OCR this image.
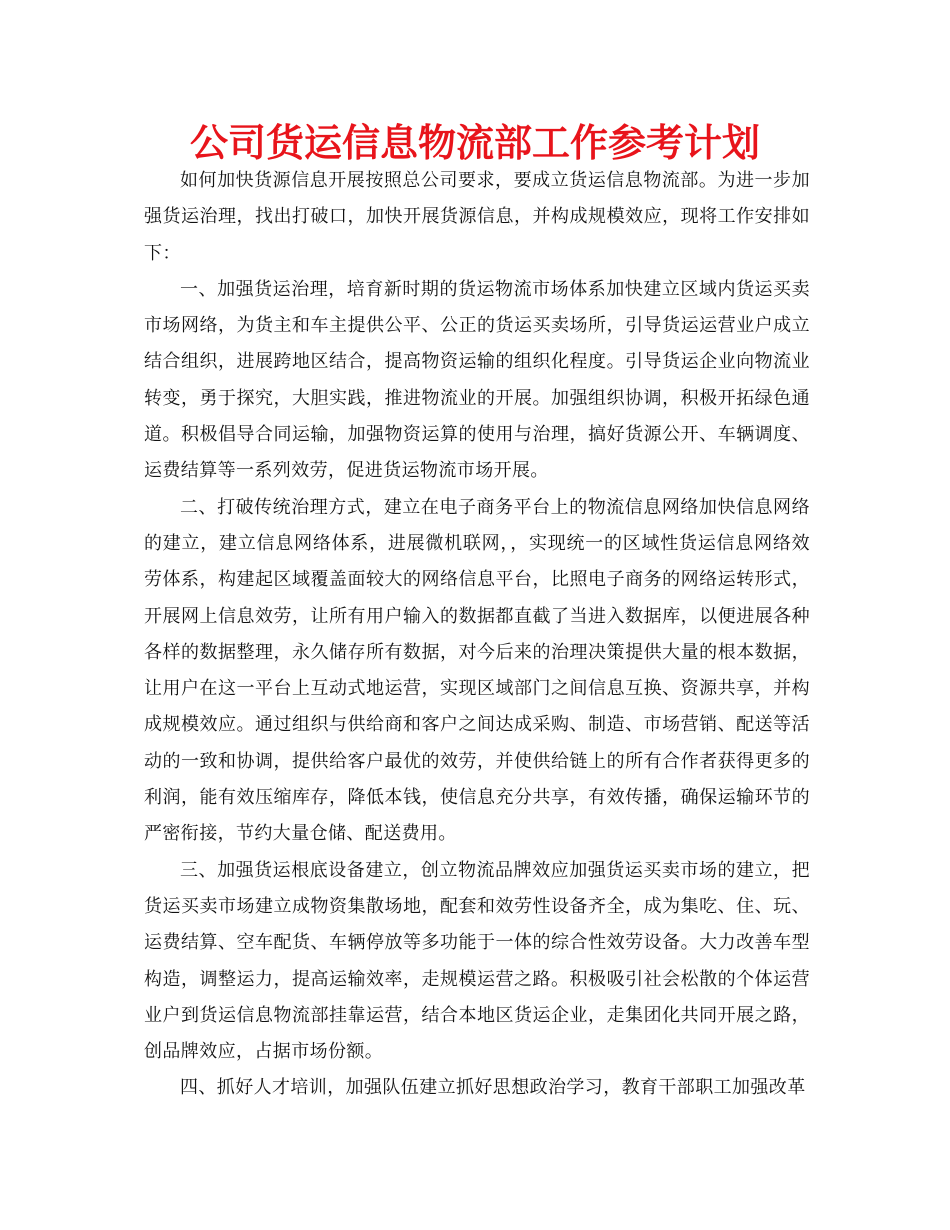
公司货运信息物流部工作参考计划

如何加快货源信息开展按照总公司要求，要成立货运信息物流部。为进一步加强货运治理，找出打破口，加快开展货源信息，并构成规模效应，现将工作安排如下：

一、加强货运治理，培育新时期的货运物流市场体系加快建立区域内货运买卖市场网络，为货主和车主提供公平、公正的货运买卖场所，引导货运运营业户成立结合组织，进展跨地区结合，提高物资运输的组织化程度。引导货运企业向物流业转变，勇于探究，大胆实践，推进物流业的开展。加强组织协调，积极开拓绿色通道。积极倡导合同运输，加强物资运算的使用与治理，搞好货源公开、车辆调度、运费结算等一系列效劳，促进货运物流市场开展。

二、打破传统治理方式，建立在电子商务平台上的物流信息网络加快信息网络的建立，建立信息网络体系，进展微机联网，，实现统一的区域性货运信息网络效劳体系，构建起区域覆盖面较大的网络信息平台，比照电子商务的网络运转形式，开展网上信息效劳，让所有用户输入的数据都直截了当进入数据库，以便进展各种各样的数据整理，永久储存所有数据，对今后来的治理决策提供大量的根本数据，让用户在这一平台上互动式地运营，实现区域部门之间信息互换、资源共享，并构成规模效应。通过组织与供给商和客户之间达成采购、制造、市场营销、配送等活动的一致和协调，提供给客户最优的效劳，并使供给链上的所有合作者获得更多的利润，能有效压缩库存，降低本钱，使信息充分共享，有效传播，确保运输环节的严密衔接，节约大量仓储、配送费用。

三、加强货运根底设备建立，创立物流品牌效应加强货运买卖市场的建立，把货运买卖市场建立成物资集散场地，配套和效劳性设备齐全，成为集吃、住、玩、运费结算、空车配货、车辆停放等多功能于一体的综合性效劳设备。大力改善车型构造，调整运力，提高运输效率，走规模运营之路。积极吸引社会松散的个体运营业户到货运信息物流部挂靠运营，结合本地区货运企业，走集团化共同开展之路，创品牌效应，占据市场份额。

四、抓好人才培训，加强队伍建立抓好思想政治学习，教育干部职工加强改革
